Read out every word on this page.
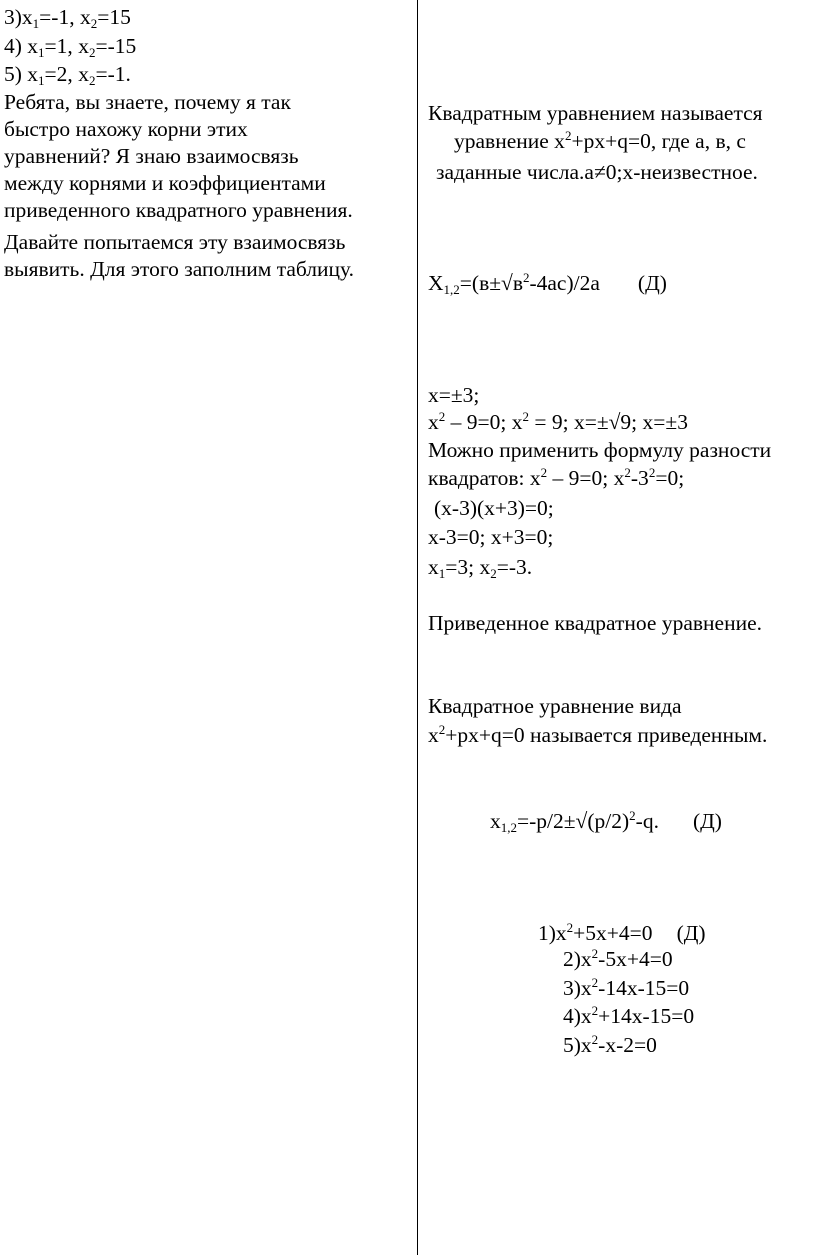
$3)x_1=-1$, $x_2=15$
4) $x_1=1$, $x_2=-15$
5) $x_1=2$, $x_2=-1$.
Ребята, вы знаете, почему я так
быстро нахожу корни этих
уравнений? Я знаю взаимосвязь
между корнями и коэффициентами
приведенного квадратного уравнения.
Давайте попытаемся эту взаимосвязь
выявить. Для этого заполним таблицу.
Квадратным уравнением называется
уравнение $x^2+px+q=0$, где a, в, c
заданные числа.a≠0;x-неизвестное.
$X_{1,2}=(в\pm√в^2-4ac)/2a$ (Д)
x=±3;
$x^2 - 9=0$; $x^2 = 9$; x=±√9; x=±3
Можно применить формулу разности
квадратов: $x^2 - 9=0$; $x^2-3^2=0$;
(x-3)(x+3)=0;
x-3=0; x+3=0;
$x_1=3$; $x_2=-3$.
Приведенное квадратное уравнение.
Квадратное уравнение вида
$x^2+px+q=0$ называется приведенным.
$x_{1,2}=-p/2\pm√(p/2)^2-q$. (Д)
$1)x^2+5x+4=0$ (Д)
$2)x^2-5x+4=0$
$3)x^2-14x-15=0$
$4)x^2+14x-15=0$
$5)x^2-x-2=0$
